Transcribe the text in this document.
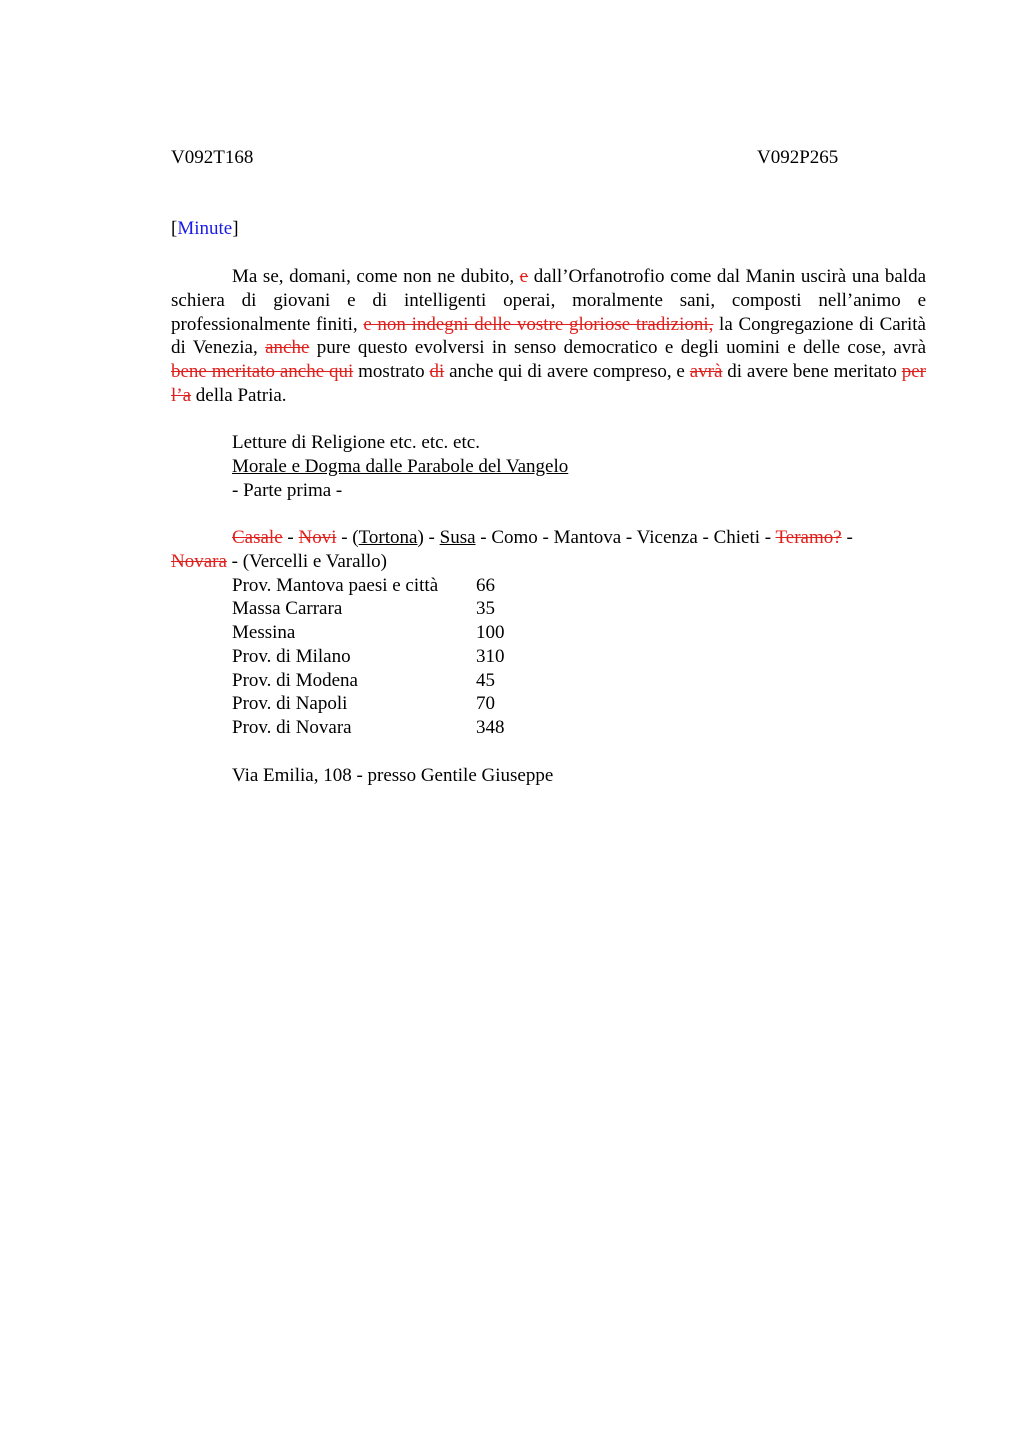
V092T168	V092P265
[Minute]
Ma se, domani, come non ne dubito, e dall’Orfanotrofio come dal Manin uscirà una balda schiera di giovani e di intelligenti operai, moralmente sani, composti nell’animo e professionalmente finiti, e non indegni delle vostre gloriose tradizioni, la Congregazione di Carità di Venezia, anche pure questo evolversi in senso democratico e degli uomini e delle cose, avrà bene meritato anche qui mostrato di anche qui di avere compreso, e avrà di avere bene meritato per l’a della Patria.
Letture di Religione etc. etc. etc.
Morale e Dogma dalle Parabole del Vangelo
- Parte prima -
Casale - Novi - (Tortona) - Susa - Como - Mantova - Vicenza - Chieti - Teramo? -
Novara - (Vercelli e Varallo)
Prov. Mantova paesi e città 66
Massa Carrara	35
Messina	100
Prov. di Milano	310
Prov. di Modena	45
Prov. di Napoli	70
Prov. di Novara	348
Via Emilia, 108 - presso Gentile Giuseppe
